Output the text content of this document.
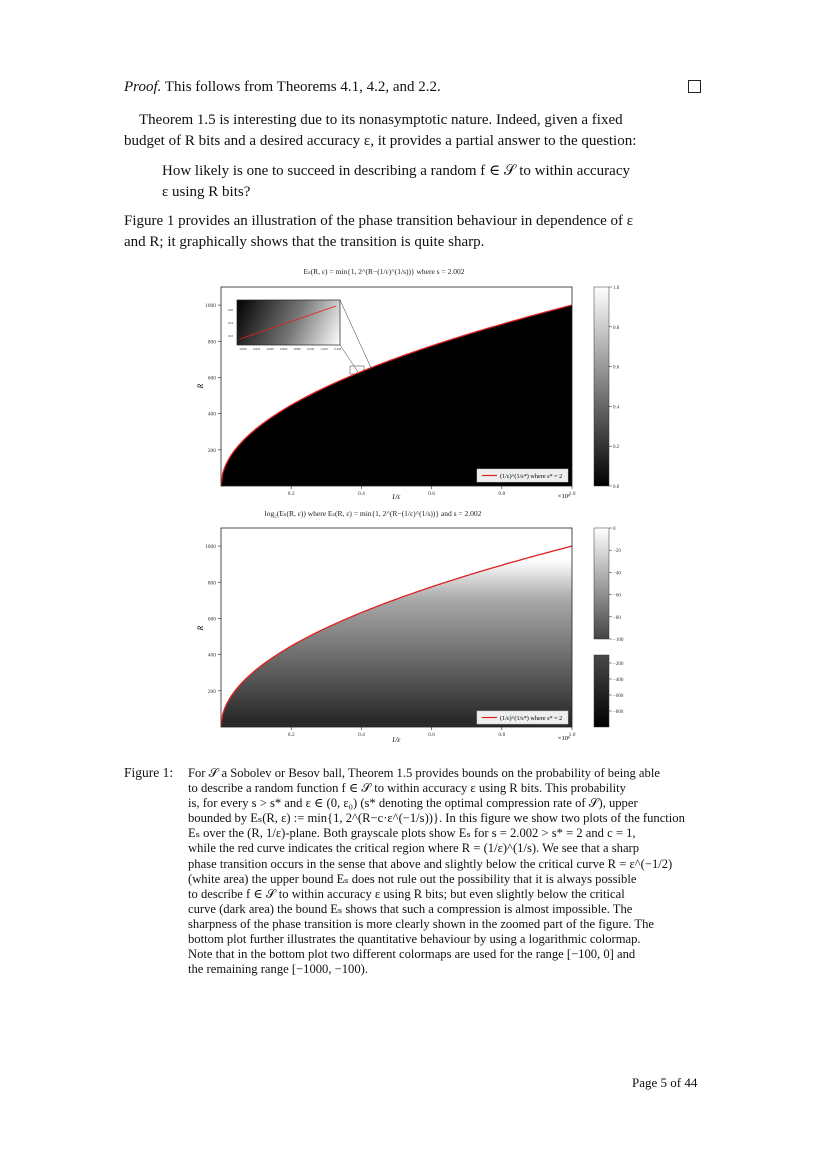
Proof. This follows from Theorems 4.1, 4.2, and 2.2.
Theorem 1.5 is interesting due to its nonasymptotic nature. Indeed, given a fixed
budget of R bits and a desired accuracy ε, it provides a partial answer to the question:
How likely is one to succeed in describing a random f ∈ 𝒮 to within accuracy
ε using R bits?
Figure 1 provides an illustration of the phase transition behaviour in dependence of ε
and R; it graphically shows that the transition is quite sharp.
Eₛ(R, ε) = min{1, 2^(R−(1/ε)^(1/s))} where s = 2.002
106
104
102
10000 10200 10400 10600 10800 11000 11200 11400
0.2	0.4	0.6	0.8	1.0
200
400
600
800
1000
R
1/ε	×10⁶
(1/ε)^(1/s*) where s* = 2
1.0
0.8
0.6
0.4
0.2
0.0
log₂(Eₛ(R, ε)) where Eₛ(R, ε) = min{1, 2^(R−(1/ε)^(1/s))} and s = 2.002
0.2	0.4	0.6	0.8	1.0
200
400
600
800
1000
R
1/ε	×10⁶
(1/ε)^(1/s*) where s* = 2
0
−20
−40
−60
−80
−100
−200
−400
−600
−800
Figure 1: For 𝒮 a Sobolev or Besov ball, Theorem 1.5 provides bounds on the probability of being able
to describe a random function f ∈ 𝒮 to within accuracy ε using R bits. This probability
is, for every s > s* and ε ∈ (0, ε₀) (s* denoting the optimal compression rate of 𝒮), upper
bounded by Eₛ(R, ε) := min{1, 2^(R−c·ε^(−1/s))}. In this figure we show two plots of the function
Eₛ over the (R, 1/ε)-plane. Both grayscale plots show Eₛ for s = 2.002 > s* = 2 and c = 1,
while the red curve indicates the critical region where R = (1/ε)^(1/s). We see that a sharp
phase transition occurs in the sense that above and slightly below the critical curve R = ε^(−1/2)
(white area) the upper bound Eₛ does not rule out the possibility that it is always possible
to describe f ∈ 𝒮 to within accuracy ε using R bits; but even slightly below the critical
curve (dark area) the bound Eₛ shows that such a compression is almost impossible. The
sharpness of the phase transition is more clearly shown in the zoomed part of the figure. The
bottom plot further illustrates the quantitative behaviour by using a logarithmic colormap.
Note that in the bottom plot two different colormaps are used for the range [−100, 0] and
the remaining range [−1000, −100).
Page 5 of 44
